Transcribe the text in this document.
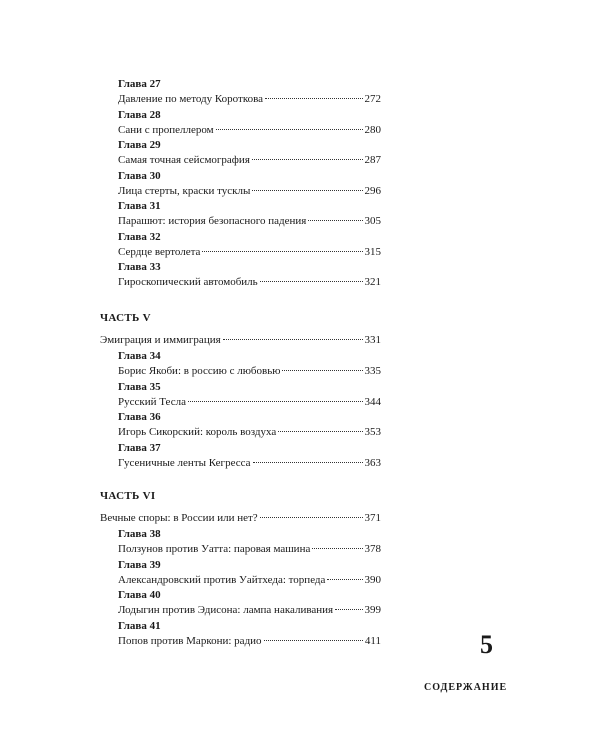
Глава 27
Давление по методу Короткова	272
Глава 28
Сани с пропеллером	280
Глава 29
Самая точная сейсмография	287
Глава 30
Лица стерты, краски тусклы	296
Глава 31
Парашют: история безопасного падения	305
Глава 32
Сердце вертолета	315
Глава 33
Гироскопический автомобиль	321
ЧАСТЬ V
Эмиграция и иммиграция	331
Глава 34
Борис Якоби: в россию с любовью	335
Глава 35
Русский Тесла	344
Глава 36
Игорь Сикорский: король воздуха	353
Глава 37
Гусеничные ленты Кегресса	363
ЧАСТЬ VI
Вечные споры: в России или нет?	371
Глава 38
Ползунов против Уатта: паровая машина	378
Глава 39
Александровский против Уайтхеда: торпеда	390
Глава 40
Лодыгин против Эдисона: лампа накаливания	399
Глава 41
Попов против Маркони: радио	411	5
СОДЕРЖАНИЕ
